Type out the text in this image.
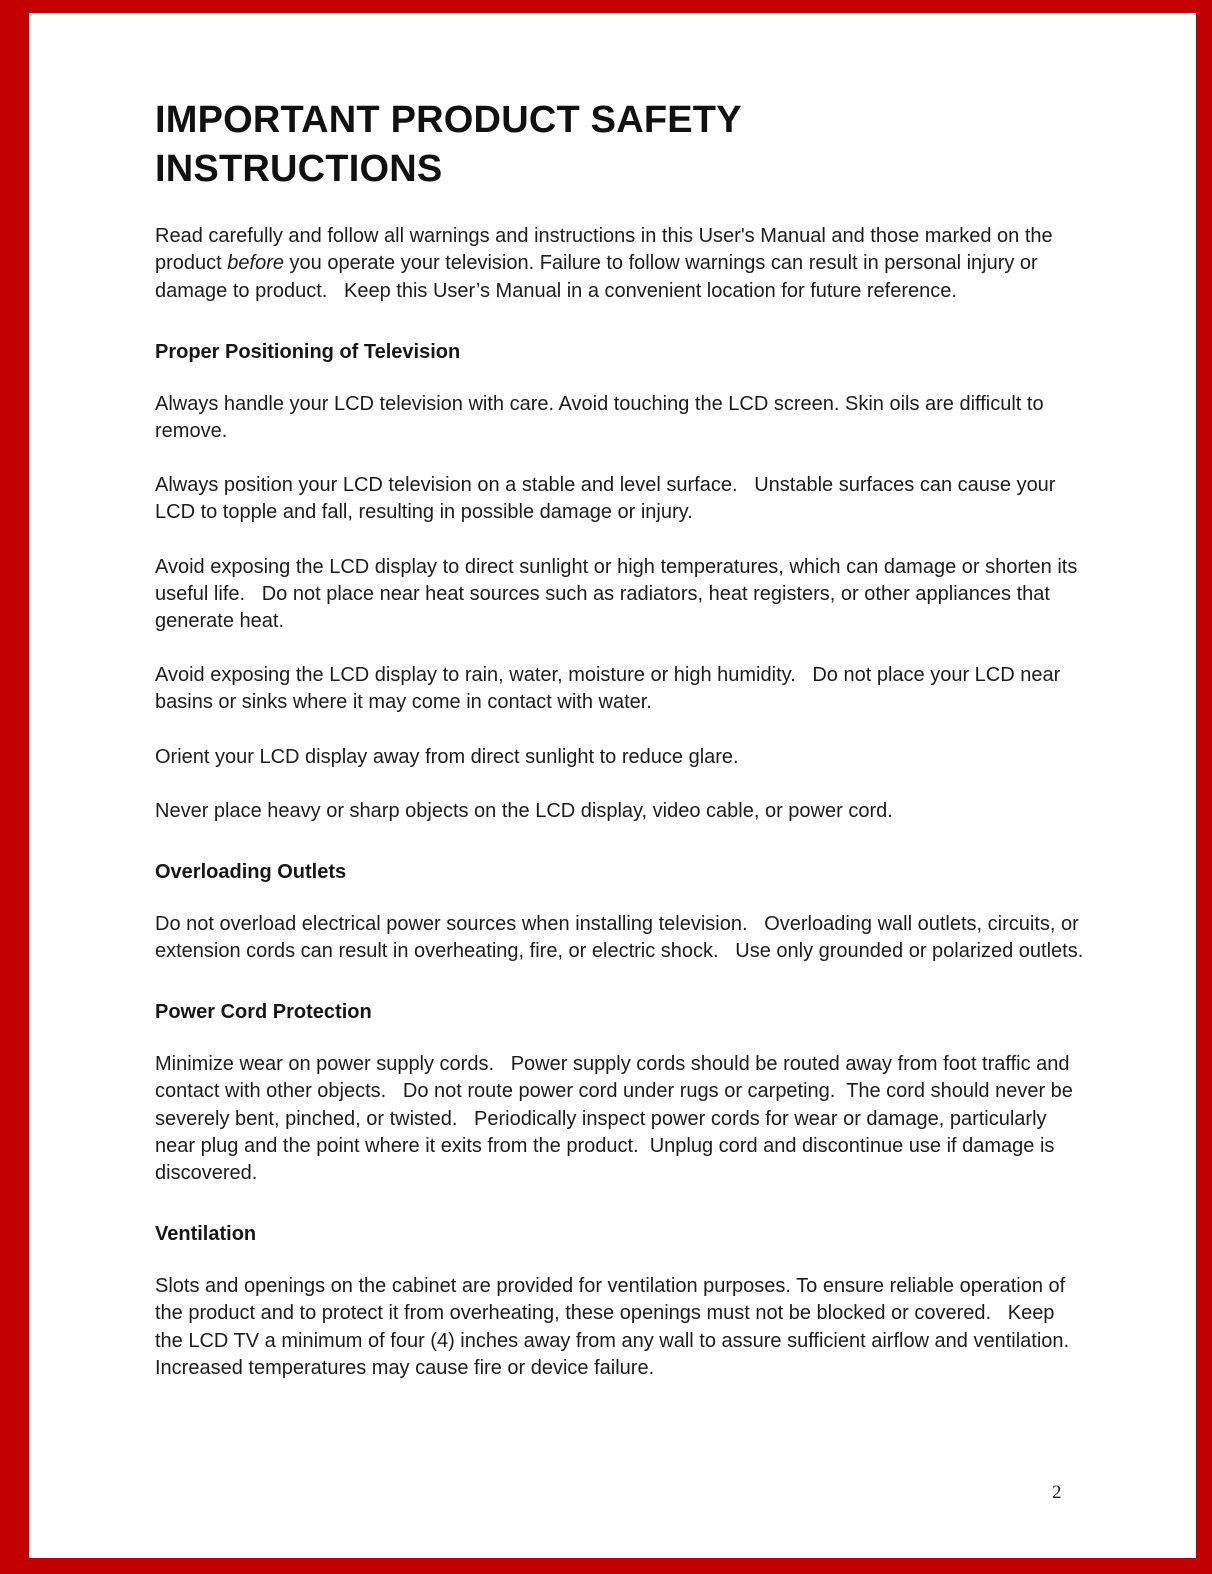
IMPORTANT PRODUCT SAFETY
INSTRUCTIONS

Read carefully and follow all warnings and instructions in this User's Manual and those marked on the product before you operate your television. Failure to follow warnings can result in personal injury or damage to product.   Keep this User’s Manual in a convenient location for future reference.

Proper Positioning of Television

Always handle your LCD television with care. Avoid touching the LCD screen. Skin oils are difficult to remove.

Always position your LCD television on a stable and level surface.   Unstable surfaces can cause your LCD to topple and fall, resulting in possible damage or injury.

Avoid exposing the LCD display to direct sunlight or high temperatures, which can damage or shorten its useful life.   Do not place near heat sources such as radiators, heat registers, or other appliances that generate heat.

Avoid exposing the LCD display to rain, water, moisture or high humidity.   Do not place your LCD near basins or sinks where it may come in contact with water.

Orient your LCD display away from direct sunlight to reduce glare.

Never place heavy or sharp objects on the LCD display, video cable, or power cord.

Overloading Outlets

Do not overload electrical power sources when installing television.   Overloading wall outlets, circuits, or extension cords can result in overheating, fire, or electric shock.   Use only grounded or polarized outlets.

Power Cord Protection

Minimize wear on power supply cords.   Power supply cords should be routed away from foot traffic and contact with other objects.   Do not route power cord under rugs or carpeting.  The cord should never be severely bent, pinched, or twisted.   Periodically inspect power cords for wear or damage, particularly near plug and the point where it exits from the product.  Unplug cord and discontinue use if damage is discovered.

Ventilation

Slots and openings on the cabinet are provided for ventilation purposes. To ensure reliable operation of the product and to protect it from overheating, these openings must not be blocked or covered.   Keep the LCD TV a minimum of four (4) inches away from any wall to assure sufficient airflow and ventilation.   Increased temperatures may cause fire or device failure.

2
